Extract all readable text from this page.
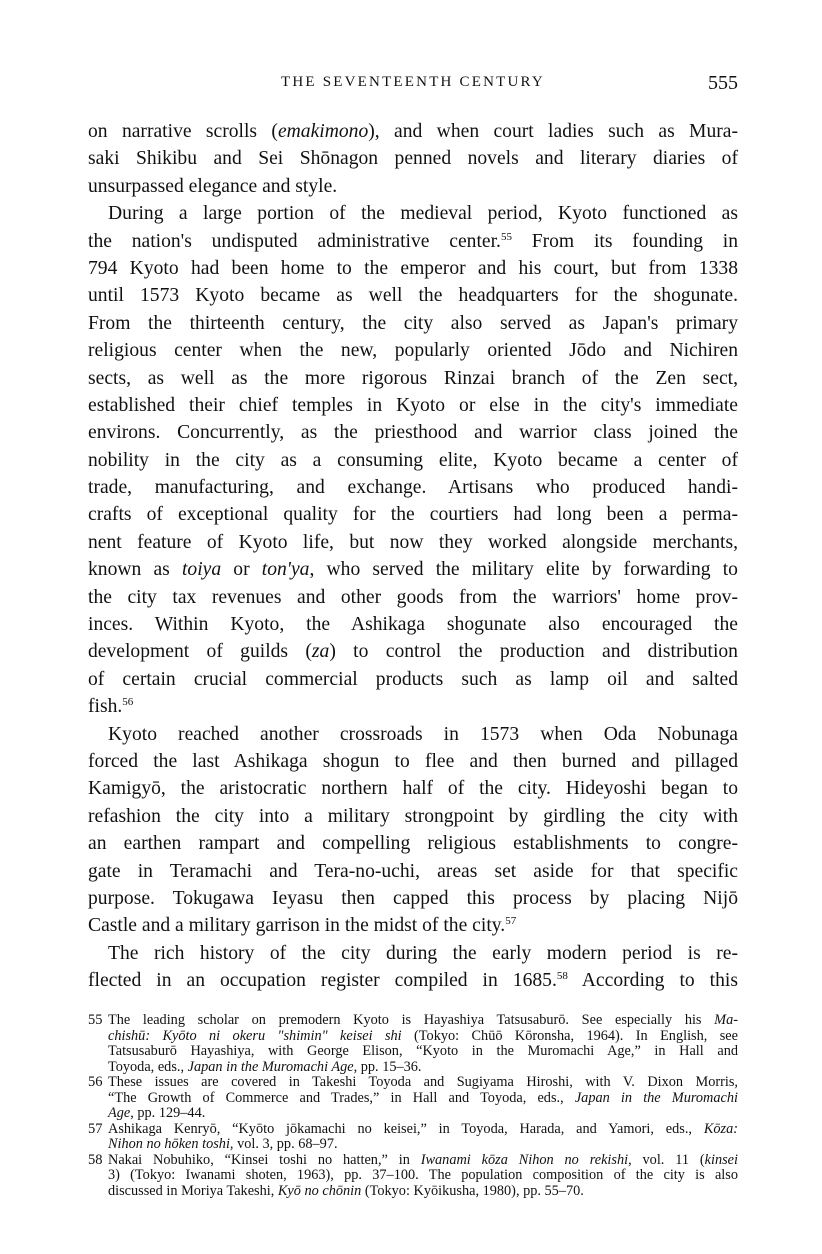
THE SEVENTEENTH CENTURY	555
on narrative scrolls (emakimono), and when court ladies such as Mura-
saki Shikibu and Sei Shōnagon penned novels and literary diaries of
unsurpassed elegance and style.
During a large portion of the medieval period, Kyoto functioned as
the nation's undisputed administrative center.$^{55}$ From its founding in
794 Kyoto had been home to the emperor and his court, but from 1338
until 1573 Kyoto became as well the headquarters for the shogunate.
From the thirteenth century, the city also served as Japan's primary
religious center when the new, popularly oriented Jōdo and Nichiren
sects, as well as the more rigorous Rinzai branch of the Zen sect,
established their chief temples in Kyoto or else in the city's immediate
environs. Concurrently, as the priesthood and warrior class joined the
nobility in the city as a consuming elite, Kyoto became a center of
trade, manufacturing, and exchange. Artisans who produced handi-
crafts of exceptional quality for the courtiers had long been a perma-
nent feature of Kyoto life, but now they worked alongside merchants,
known as toiya or ton'ya, who served the military elite by forwarding to
the city tax revenues and other goods from the warriors' home prov-
inces. Within Kyoto, the Ashikaga shogunate also encouraged the
development of guilds (za) to control the production and distribution
of certain crucial commercial products such as lamp oil and salted
fish.$^{56}$
Kyoto reached another crossroads in 1573 when Oda Nobunaga
forced the last Ashikaga shogun to flee and then burned and pillaged
Kamigyō, the aristocratic northern half of the city. Hideyoshi began to
refashion the city into a military strongpoint by girdling the city with
an earthen rampart and compelling religious establishments to congre-
gate in Teramachi and Tera-no-uchi, areas set aside for that specific
purpose. Tokugawa Ieyasu then capped this process by placing Nijō
Castle and a military garrison in the midst of the city.$^{57}$
The rich history of the city during the early modern period is re-
flected in an occupation register compiled in 1685.58 According to this
55 The leading scholar on premodern Kyoto is Hayashiya Tatsusaburō. See especially his Ma-
chishū: Kyōto ni okeru "shimin" keisei shi (Tokyo: Chūō Kōronsha, 1964). In English, see
Tatsusaburō Hayashiya, with George Elison, “Kyoto in the Muromachi Age,” in Hall and
Toyoda, eds., Japan in the Muromachi Age, pp. 15–36.
56 These issues are covered in Takeshi Toyoda and Sugiyama Hiroshi, with V. Dixon Morris,
“The Growth of Commerce and Trades,” in Hall and Toyoda, eds., Japan in the Muromachi
Age, pp. 129–44.
57 Ashikaga Kenryō, “Kyōto jōkamachi no keisei,” in Toyoda, Harada, and Yamori, eds., Kōza:
Nihon no hōken toshi, vol. 3, pp. 68–97.
58 Nakai Nobuhiko, “Kinsei toshi no hatten,” in Iwanami kōza Nihon no rekishi, vol. 11 (kinsei
3) (Tokyo: Iwanami shoten, 1963), pp. 37–100. The population composition of the city is also
discussed in Moriya Takeshi, Kyō no chōnin (Tokyo: Kyōikusha, 1980), pp. 55–70.
